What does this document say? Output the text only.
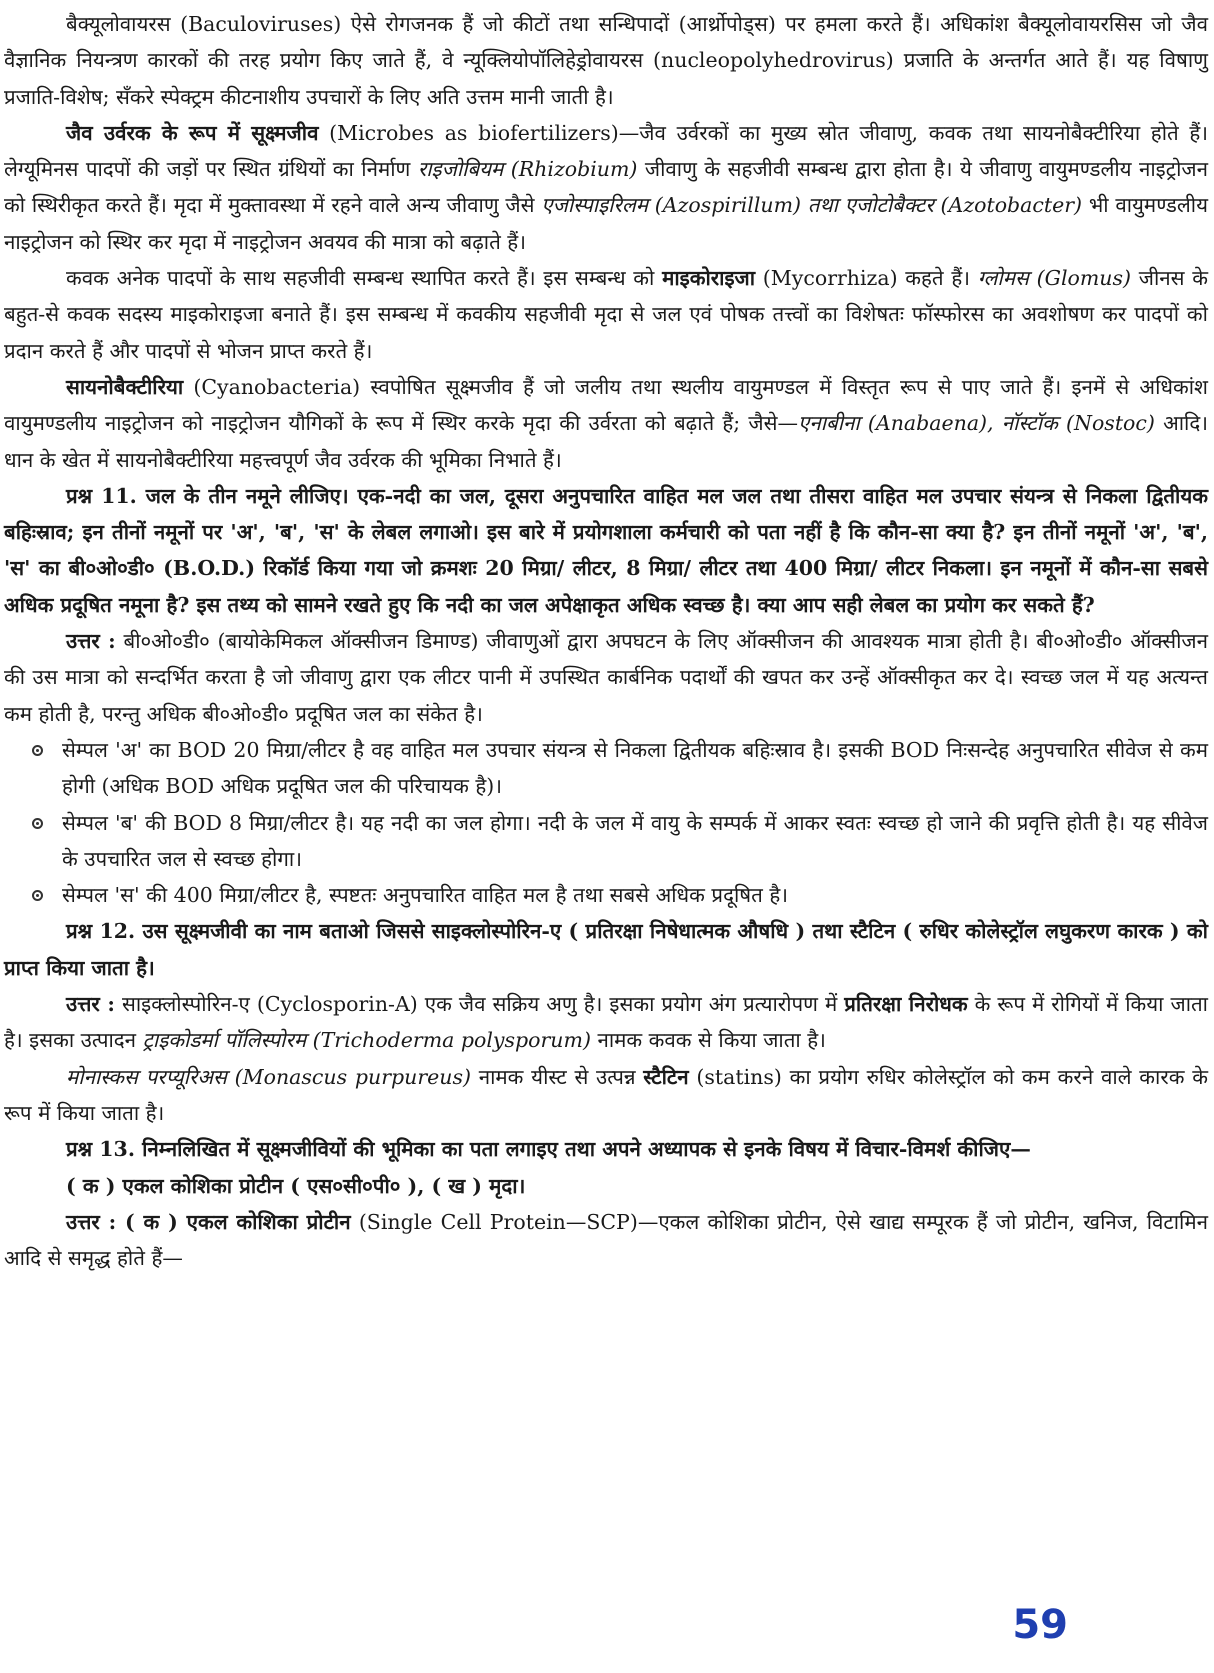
बैक्यूलोवायरस (Baculoviruses) ऐसे रोगजनक हैं जो कीटों तथा सन्धिपादों (आर्थ्रोपोड्स) पर हमला करते हैं। अधिकांश बैक्यूलोवायरसिस जो जैव वैज्ञानिक नियन्त्रण कारकों की तरह प्रयोग किए जाते हैं, वे न्यूक्लियोपॉलिहेड्रोवायरस (nucleopolyhedrovirus) प्रजाति के अन्तर्गत आते हैं। यह विषाणु प्रजाति-विशेष; सँकरे स्पेक्ट्रम कीटनाशीय उपचारों के लिए अति उत्तम मानी जाती है।

जैव उर्वरक के रूप में सूक्ष्मजीव (Microbes as biofertilizers)—जैव उर्वरकों का मुख्य स्रोत जीवाणु, कवक तथा सायनोबैक्टीरिया होते हैं। लेग्यूमिनस पादपों की जड़ों पर स्थित ग्रंथियों का निर्माण राइजोबियम (Rhizobium) जीवाणु के सहजीवी सम्बन्ध द्वारा होता है। ये जीवाणु वायुमण्डलीय नाइट्रोजन को स्थिरीकृत करते हैं। मृदा में मुक्तावस्था में रहने वाले अन्य जीवाणु जैसे एजोस्पाइरिलम (Azospirillum) तथा एजोटोबैक्टर (Azotobacter) भी वायुमण्डलीय नाइट्रोजन को स्थिर कर मृदा में नाइट्रोजन अवयव की मात्रा को बढ़ाते हैं।

कवक अनेक पादपों के साथ सहजीवी सम्बन्ध स्थापित करते हैं। इस सम्बन्ध को माइकोराइजा (Mycorrhiza) कहते हैं। ग्लोमस (Glomus) जीनस के बहुत-से कवक सदस्य माइकोराइजा बनाते हैं। इस सम्बन्ध में कवकीय सहजीवी मृदा से जल एवं पोषक तत्त्वों का विशेषतः फॉस्फोरस का अवशोषण कर पादपों को प्रदान करते हैं और पादपों से भोजन प्राप्त करते हैं।

सायनोबैक्टीरिया (Cyanobacteria) स्वपोषित सूक्ष्मजीव हैं जो जलीय तथा स्थलीय वायुमण्डल में विस्तृत रूप से पाए जाते हैं। इनमें से अधिकांश वायुमण्डलीय नाइट्रोजन को नाइट्रोजन यौगिकों के रूप में स्थिर करके मृदा की उर्वरता को बढ़ाते हैं; जैसे—एनाबीना (Anabaena), नॉस्टॉक (Nostoc) आदि। धान के खेत में सायनोबैक्टीरिया महत्त्वपूर्ण जैव उर्वरक की भूमिका निभाते हैं।

प्रश्न 11. जल के तीन नमूने लीजिए। एक-नदी का जल, दूसरा अनुपचारित वाहित मल जल तथा तीसरा वाहित मल उपचार संयन्त्र से निकला द्वितीयक बहिःस्राव; इन तीनों नमूनों पर 'अ', 'ब', 'स' के लेबल लगाओ। इस बारे में प्रयोगशाला कर्मचारी को पता नहीं है कि कौन-सा क्या है? इन तीनों नमूनों 'अ', 'ब', 'स' का बी०ओ०डी० (B.O.D.) रिकॉर्ड किया गया जो क्रमशः 20 मिग्रा/ लीटर, 8 मिग्रा/ लीटर तथा 400 मिग्रा/ लीटर निकला। इन नमूनों में कौन-सा सबसे अधिक प्रदूषित नमूना है? इस तथ्य को सामने रखते हुए कि नदी का जल अपेक्षाकृत अधिक स्वच्छ है। क्या आप सही लेबल का प्रयोग कर सकते हैं?

उत्तर : बी०ओ०डी० (बायोकेमिकल ऑक्सीजन डिमाण्ड) जीवाणुओं द्वारा अपघटन के लिए ऑक्सीजन की आवश्यक मात्रा होती है। बी०ओ०डी० ऑक्सीजन की उस मात्रा को सन्दर्भित करता है जो जीवाणु द्वारा एक लीटर पानी में उपस्थित कार्बनिक पदार्थों की खपत कर उन्हें ऑक्सीकृत कर दे। स्वच्छ जल में यह अत्यन्त कम होती है, परन्तु अधिक बी०ओ०डी० प्रदूषित जल का संकेत है।

सेम्पल 'अ' का BOD 20 मिग्रा/लीटर है वह वाहित मल उपचार संयन्त्र से निकला द्वितीयक बहिःस्राव है। इसकी BOD निःसन्देह अनुपचारित सीवेज से कम होगी (अधिक BOD अधिक प्रदूषित जल की परिचायक है)।
सेम्पल 'ब' की BOD 8 मिग्रा/लीटर है। यह नदी का जल होगा। नदी के जल में वायु के सम्पर्क में आकर स्वतः स्वच्छ हो जाने की प्रवृत्ति होती है। यह सीवेज के उपचारित जल से स्वच्छ होगा।
सेम्पल 'स' की 400 मिग्रा/लीटर है, स्पष्टतः अनुपचारित वाहित मल है तथा सबसे अधिक प्रदूषित है।

प्रश्न 12. उस सूक्ष्मजीवी का नाम बताओ जिससे साइक्लोस्पोरिन-ए ( प्रतिरक्षा निषेधात्मक औषधि ) तथा स्टैटिन ( रुधिर कोलेस्ट्रॉल लघुकरण कारक ) को प्राप्त किया जाता है।

उत्तर : साइक्लोस्पोरिन-ए (Cyclosporin-A) एक जैव सक्रिय अणु है। इसका प्रयोग अंग प्रत्यारोपण में प्रतिरक्षा निरोधक के रूप में रोगियों में किया जाता है। इसका उत्पादन ट्राइकोडर्मा पॉलिस्पोरम (Trichoderma polysporum) नामक कवक से किया जाता है।

मोनास्कस परप्यूरिअस (Monascus purpureus) नामक यीस्ट से उत्पन्न स्टैटिन (statins) का प्रयोग रुधिर कोलेस्ट्रॉल को कम करने वाले कारक के रूप में किया जाता है।

प्रश्न 13. निम्नलिखित में सूक्ष्मजीवियों की भूमिका का पता लगाइए तथा अपने अध्यापक से इनके विषय में विचार-विमर्श कीजिए—

( क ) एकल कोशिका प्रोटीन ( एस०सी०पी० ), ( ख ) मृदा।

उत्तर : ( क ) एकल कोशिका प्रोटीन (Single Cell Protein—SCP)—एकल कोशिका प्रोटीन, ऐसे खाद्य सम्पूरक हैं जो प्रोटीन, खनिज, विटामिन आदि से समृद्ध होते हैं—

59
